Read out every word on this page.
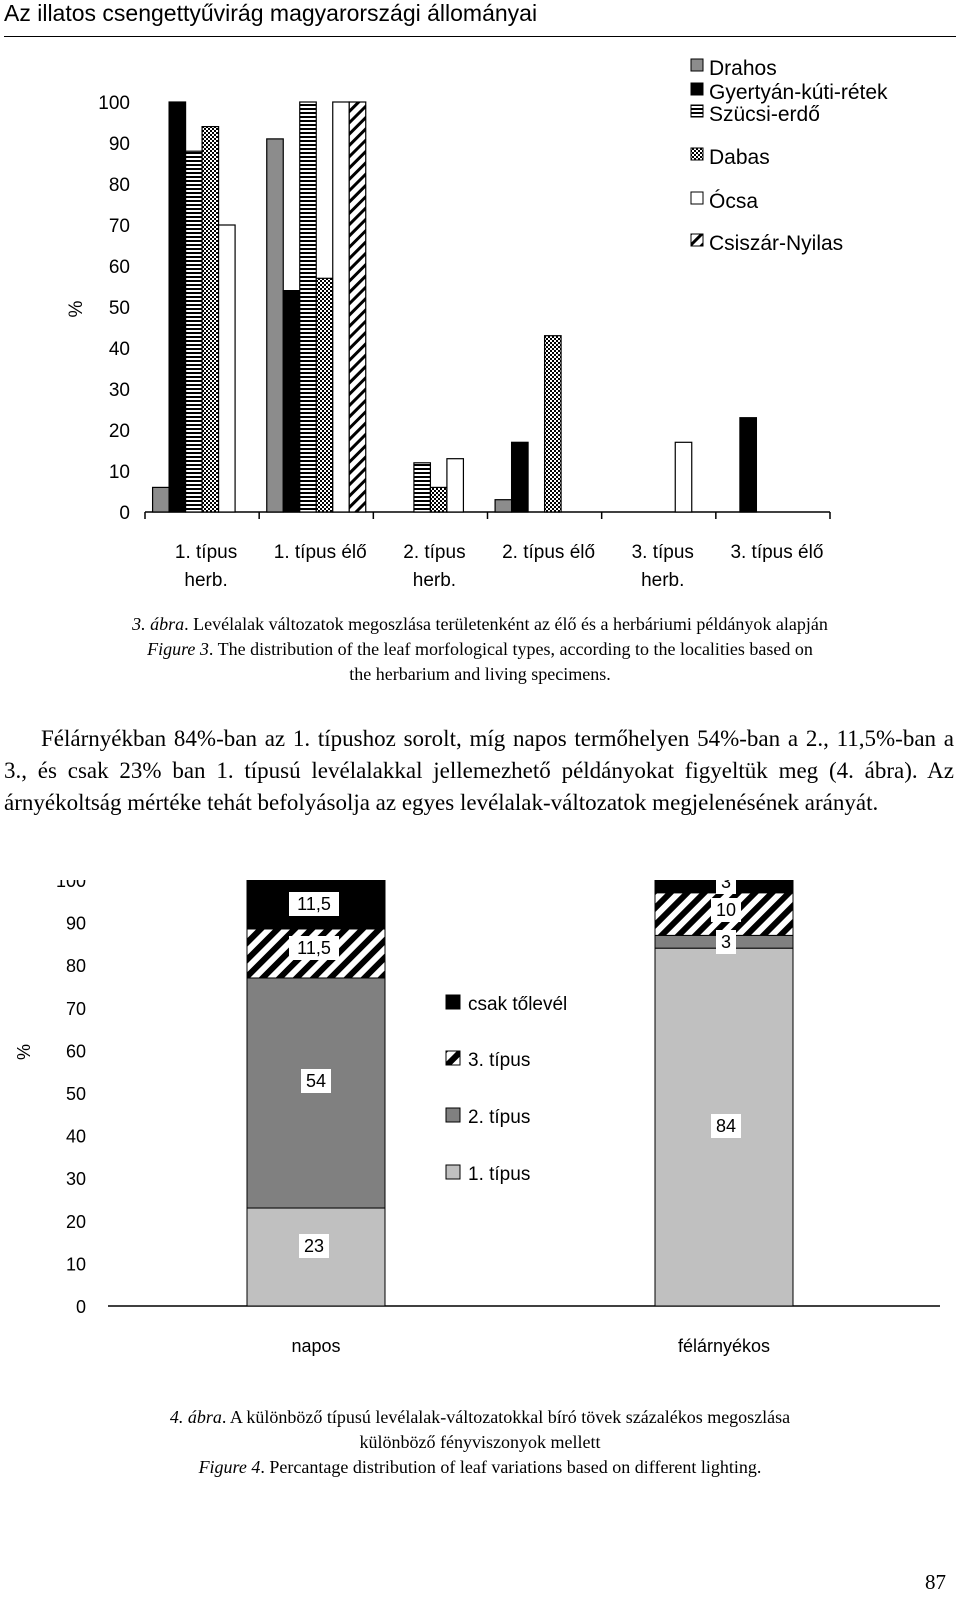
Az illatos csengettyűvirág magyarországi állományai
0
10
20
30
40
50
60
70
80
90
100
%
Drahos
Gyertyán-kúti-rétek
Szücsi-erdő
Dabas
Ócsa
Csiszár-Nyilas
1. típus herb.
1. típus élő 2. típus herb.
2. típus élő 3. típus herb.
3. típus élő
3. ábra. Levélalak változatok megoszlása területenként az élő és a herbáriumi példányok alapján
Figure 3. The distribution of the leaf morfological types, according to the localities based on
the herbarium and living specimens.

Félárnyékban 84%-ban az 1. típushoz sorolt, míg napos termőhelyen 54%-ban a 2., 11,5%-ban a 3., és csak 23% ban 1. típusú levélalakkal jellemezhető példányokat figyeltük meg (4. ábra). Az árnyékoltság mértéke tehát befolyásolja az egyes levélalak-változatok megjelenésének arányát.

0
10
20
30
40
50
60
70
80
90
100
%
23
84
54
3
11,5
10
11,5
3
csak tőlevél
3. típus
2. típus
1. típus
napos	félárnyékos
4. ábra. A különböző típusú levélalak-változatokkal bíró tövek százalékos megoszlása
különböző fényviszonyok mellett
Figure 4. Percantage distribution of leaf variations based on different lighting.
87
